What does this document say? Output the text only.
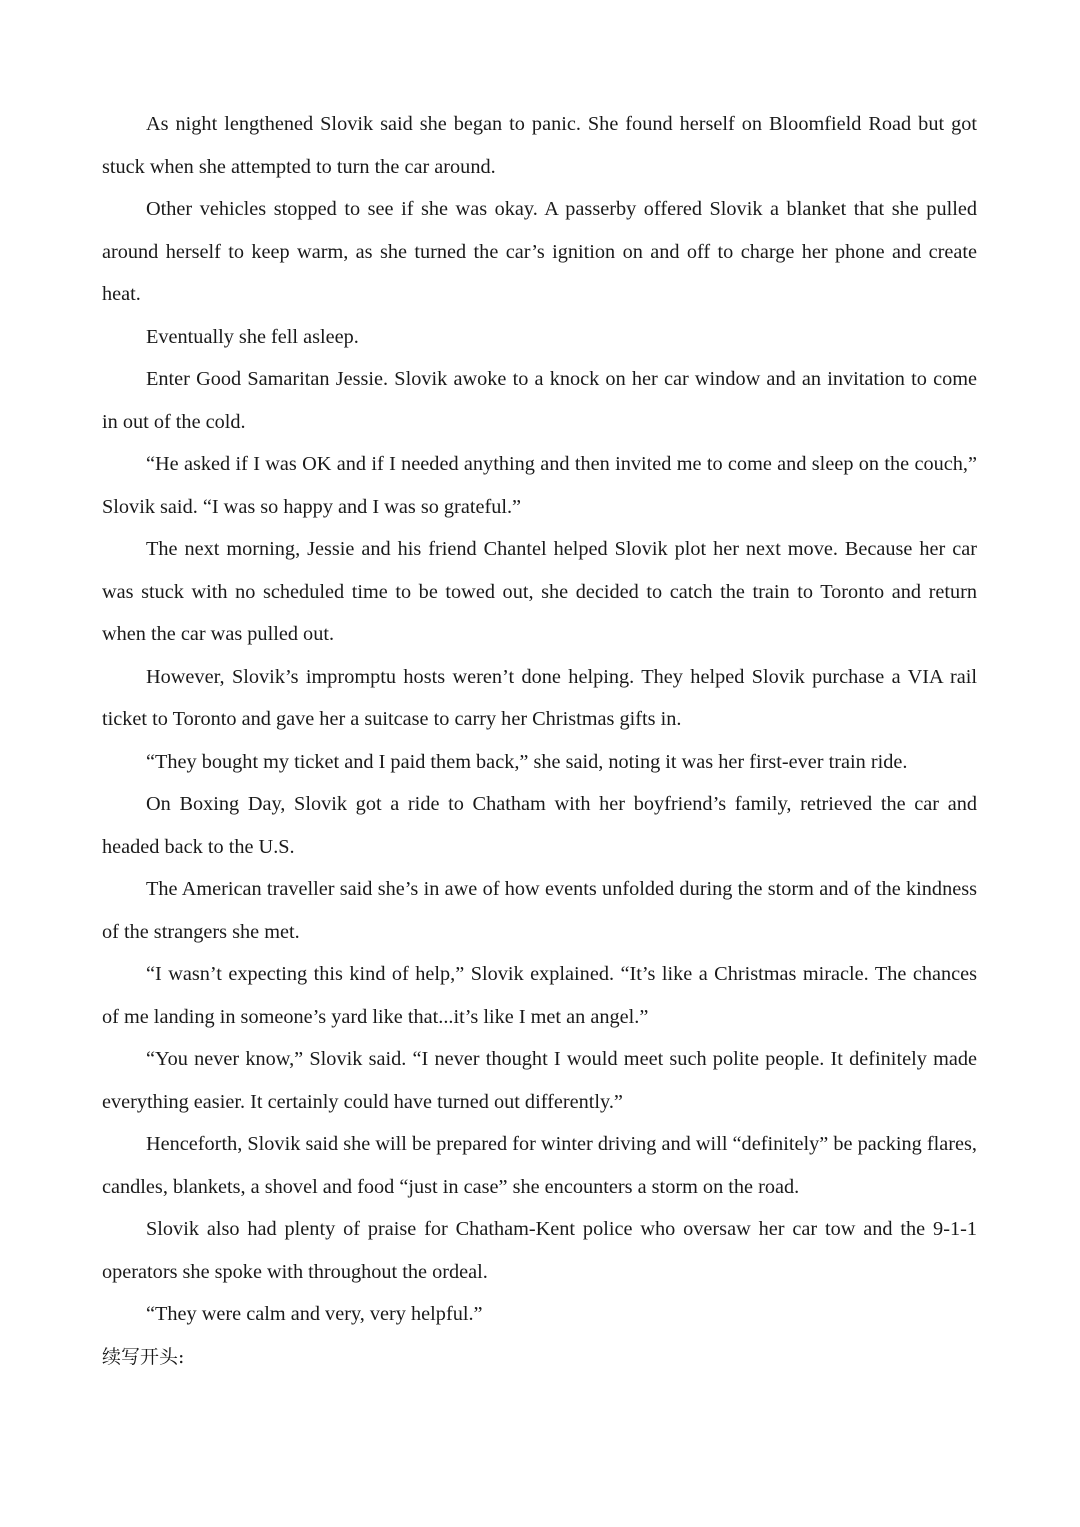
As night lengthened Slovik said she began to panic. She found herself on Bloomfield Road but got stuck when she attempted to turn the car around.

Other vehicles stopped to see if she was okay. A passerby offered Slovik a blanket that she pulled around herself to keep warm, as she turned the car’s ignition on and off to charge her phone and create heat.

Eventually she fell asleep.

Enter Good Samaritan Jessie. Slovik awoke to a knock on her car window and an invitation to come in out of the cold.

“He asked if I was OK and if I needed anything and then invited me to come and sleep on the couch,” Slovik said. “I was so happy and I was so grateful.”

The next morning, Jessie and his friend Chantel helped Slovik plot her next move. Because her car was stuck with no scheduled time to be towed out, she decided to catch the train to Toronto and return when the car was pulled out.

However, Slovik’s impromptu hosts weren’t done helping. They helped Slovik purchase a VIA rail ticket to Toronto and gave her a suitcase to carry her Christmas gifts in.

“They bought my ticket and I paid them back,” she said, noting it was her first-ever train ride.

On Boxing Day, Slovik got a ride to Chatham with her boyfriend’s family, retrieved the car and headed back to the U.S.

The American traveller said she’s in awe of how events unfolded during the storm and of the kindness of the strangers she met.

“I wasn’t expecting this kind of help,” Slovik explained. “It’s like a Christmas miracle. The chances of me landing in someone’s yard like that...it’s like I met an angel.”

“You never know,” Slovik said. “I never thought I would meet such polite people. It definitely made everything easier. It certainly could have turned out differently.”

Henceforth, Slovik said she will be prepared for winter driving and will “definitely” be packing flares, candles, blankets, a shovel and food “just in case” she encounters a storm on the road.

Slovik also had plenty of praise for Chatham-Kent police who oversaw her car tow and the 9-1-1 operators she spoke with throughout the ordeal.

“They were calm and very, very helpful.”

续写开头:
